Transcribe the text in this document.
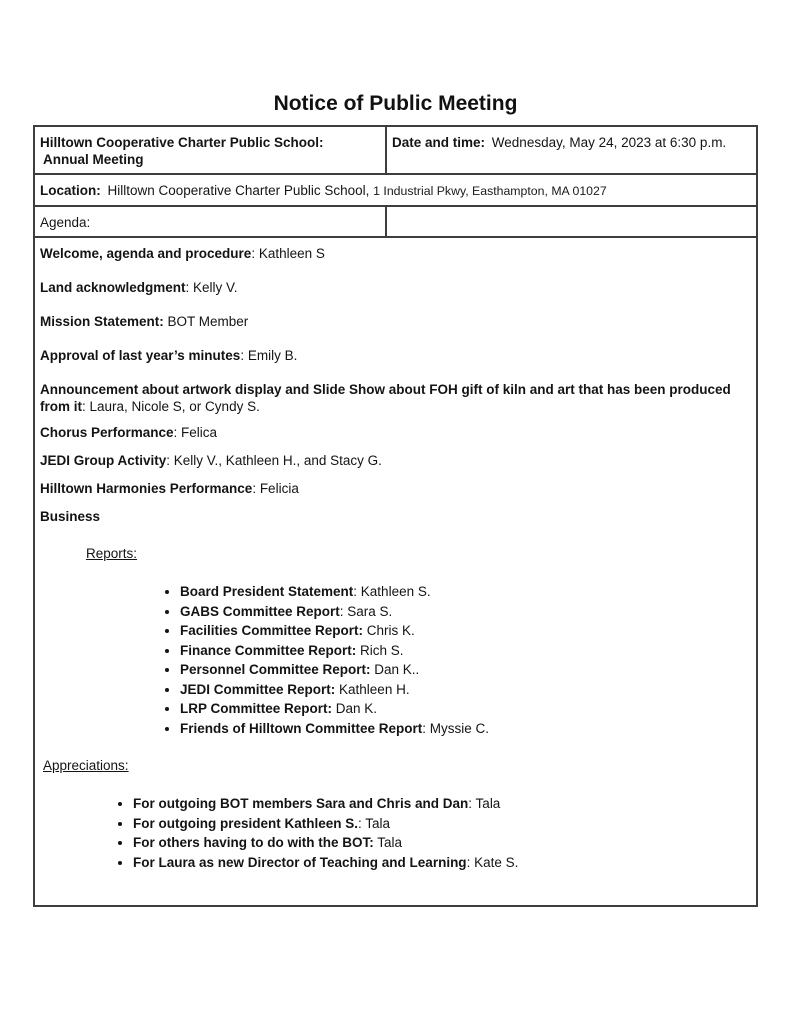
Notice of Public Meeting
Hilltown Cooperative Charter Public School:
Annual Meeting	Date and time: Wednesday, May 24, 2023 at 6:30 p.m.
Location: Hilltown Cooperative Charter Public School, 1 Industrial Pkwy, Easthampton, MA 01027	
Agenda:	

Welcome, agenda and procedure: Kathleen S

Land acknowledgment: Kelly V.

Mission Statement: BOT Member

Approval of last year’s minutes: Emily B.

Announcement about artwork display and Slide Show about FOH gift of kiln and art that has been produced from it: Laura, Nicole S, or Cyndy S.

Chorus Performance: Felica

JEDI Group Activity: Kelly V., Kathleen H., and Stacy G.

Hilltown Harmonies Performance: Felicia

Business

Reports:

• Board President Statement: Kathleen S.
• GABS Committee Report: Sara S.
• Facilities Committee Report: Chris K.
• Finance Committee Report: Rich S.
• Personnel Committee Report: Dan K..
• JEDI Committee Report: Kathleen H.
• LRP Committee Report: Dan K.
• Friends of Hilltown Committee Report: Myssie C.

Appreciations:

• For outgoing BOT members Sara and Chris and Dan: Tala
• For outgoing president Kathleen S.: Tala
• For others having to do with the BOT: Tala
• For Laura as new Director of Teaching and Learning: Kate S.
